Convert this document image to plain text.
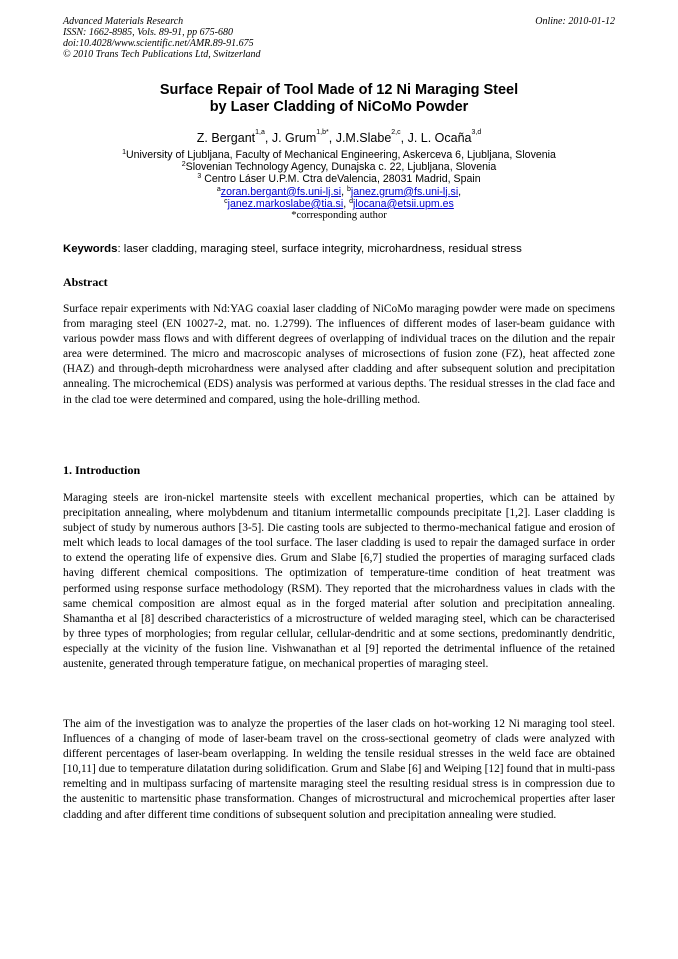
Advanced Materials Research
ISSN: 1662-8985, Vols. 89-91, pp 675-680
doi:10.4028/www.scientific.net/AMR.89-91.675
© 2010 Trans Tech Publications Ltd, Switzerland
Online: 2010-01-12
Surface Repair of Tool Made of 12 Ni Maraging Steel
by Laser Cladding of NiCoMo Powder
Z. Bergant$^{1,a}$, J. Grum$^{1,b*}$, J.M.Slabe$^{2,c}$, J. L. Ocaña$^{3,d}$
$^1$University of Ljubljana, Faculty of Mechanical Engineering, Askerceva 6, Ljubljana, Slovenia
$^2$Slovenian Technology Agency, Dunajska c. 22, Ljubljana, Slovenia
$^3$ Centro Láser U.P.M. Ctra deValencia, 28031 Madrid, Spain
$^a$zoran.bergant@fs.uni-lj.si, $^b$janez.grum@fs.uni-lj.si,
$^c$janez.markoslabe@tia.si, $^d$jlocana@etsii.upm.es
*corresponding author
Keywords: laser cladding, maraging steel, surface integrity, microhardness, residual stress
Abstract
Surface repair experiments with Nd:YAG coaxial laser cladding of NiCoMo maraging powder were made on specimens from maraging steel (EN 10027-2, mat. no. 1.2799). The influences of different modes of laser-beam guidance with various powder mass flows and with different degrees of overlapping of individual traces on the dilution and the repair area were determined. The micro and macroscopic analyses of microsections of fusion zone (FZ), heat affected zone (HAZ) and through-depth microhardness were analysed after cladding and after subsequent solution and precipitation annealing. The microchemical (EDS) analysis was performed at various depths. The residual stresses in the clad face and in the clad toe were determined and compared, using the hole-drilling method.
1. Introduction
Maraging steels are iron-nickel martensite steels with excellent mechanical properties, which can be attained by precipitation annealing, where molybdenum and titanium intermetallic compounds precipitate [1,2]. Laser cladding is subject of study by numerous authors [3-5]. Die casting tools are subjected to thermo-mechanical fatigue and erosion of melt which leads to local damages of the tool surface. The laser cladding is used to repair the damaged surface in order to extend the operating life of expensive dies. Grum and Slabe [6,7] studied the properties of maraging surfaced clads having different chemical compositions. The optimization of temperature-time condition of heat treatment was performed using response surface methodology (RSM). They reported that the microhardness values in clads with the same chemical composition are almost equal as in the forged material after solution and precipitation annealing. Shamantha et al [8] described characteristics of a microstructure of welded maraging steel, which can be characterised by three types of morphologies; from regular cellular, cellular-dendritic and at some sections, predominantly dendritic, especially at the vicinity of the fusion line. Vishwanathan et al [9] reported the detrimental influence of the retained austenite, generated through temperature fatigue, on mechanical properties of maraging steel.
The aim of the investigation was to analyze the properties of the laser clads on hot-working 12 Ni maraging tool steel. Influences of a changing of mode of laser-beam travel on the cross-sectional geometry of clads were analyzed with different percentages of laser-beam overlapping. In welding the tensile residual stresses in the weld face are obtained [10,11] due to temperature dilatation during solidification. Grum and Slabe [6] and Weiping [12] found that in multi-pass remelting and in multipass surfacing of martensite maraging steel the resulting residual stress is in compression due to the austenitic to martensitic phase transformation. Changes of microstructural and microchemical properties after laser cladding and after different time conditions of subsequent solution and precipitation annealing were studied.
